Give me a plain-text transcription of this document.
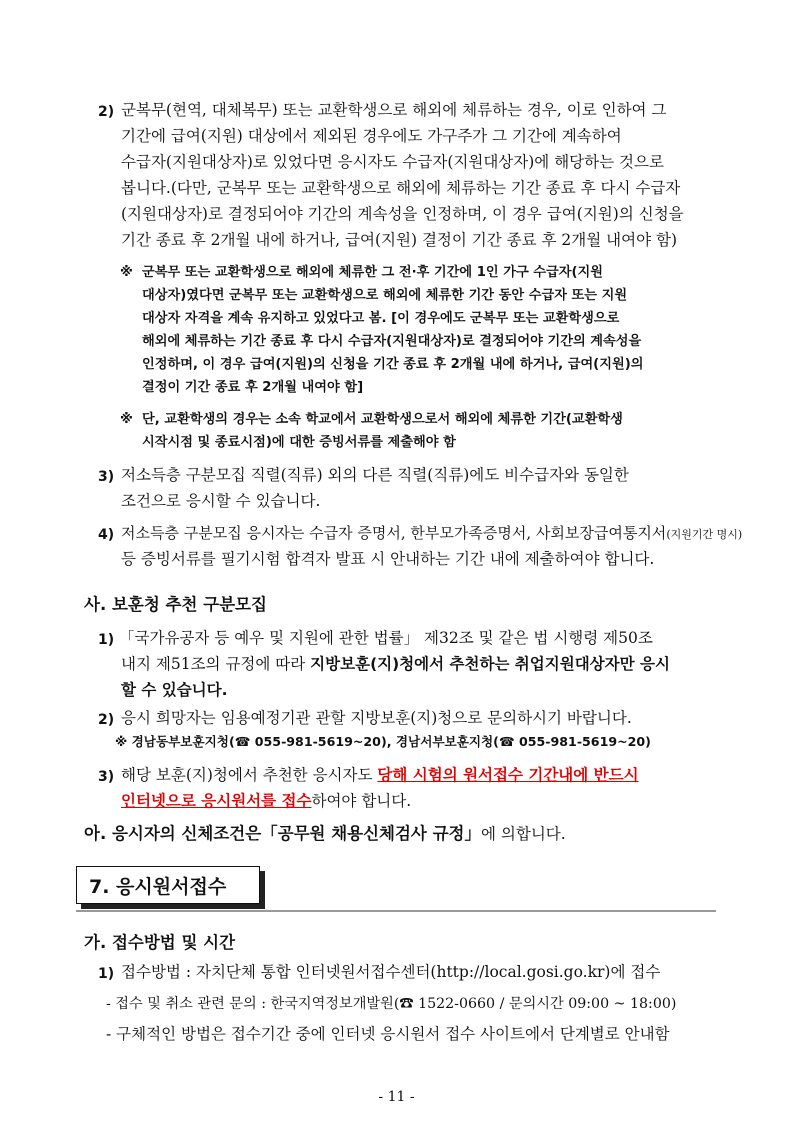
2) 군복무(현역, 대체복무) 또는 교환학생으로 해외에 체류하는 경우, 이로 인하여 그
기간에 급여(지원) 대상에서 제외된 경우에도 가구주가 그 기간에 계속하여
수급자(지원대상자)로 있었다면 응시자도 수급자(지원대상자)에 해당하는 것으로
봅니다.(다만, 군복무 또는 교환학생으로 해외에 체류하는 기간 종료 후 다시 수급자
(지원대상자)로 결정되어야 기간의 계속성을 인정하며, 이 경우 급여(지원)의 신청을
기간 종료 후 2개월 내에 하거나, 급여(지원) 결정이 기간 종료 후 2개월 내여야 함)
※ 군복무 또는 교환학생으로 해외에 체류한 그 전·후 기간에 1인 가구 수급자(지원
대상자)였다면 군복무 또는 교환학생으로 해외에 체류한 기간 동안 수급자 또는 지원
대상자 자격을 계속 유지하고 있었다고 봄. [이 경우에도 군복무 또는 교환학생으로
해외에 체류하는 기간 종료 후 다시 수급자(지원대상자)로 결정되어야 기간의 계속성을
인정하며, 이 경우 급여(지원)의 신청을 기간 종료 후 2개월 내에 하거나, 급여(지원)의
결정이 기간 종료 후 2개월 내여야 함]
※ 단, 교환학생의 경우는 소속 학교에서 교환학생으로서 해외에 체류한 기간(교환학생
시작시점 및 종료시점)에 대한 증빙서류를 제출해야 함
3) 저소득층 구분모집 직렬(직류) 외의 다른 직렬(직류)에도 비수급자와 동일한
조건으로 응시할 수 있습니다.
4) 저소득층 구분모집 응시자는 수급자 증명서, 한부모가족증명서, 사회보장급여통지서(지원기간 명시)
등 증빙서류를 필기시험 합격자 발표 시 안내하는 기간 내에 제출하여야 합니다.
사. 보훈청 추천 구분모집
1) 「국가유공자 등 예우 및 지원에 관한 법률」 제32조 및 같은 법 시행령 제50조
내지 제51조의 규정에 따라 지방보훈(지)청에서 추천하는 취업지원대상자만 응시
할 수 있습니다.
2) 응시 희망자는 임용예정기관 관할 지방보훈(지)청으로 문의하시기 바랍니다.
※ 경남동부보훈지청(☎ 055-981-5619~20), 경남서부보훈지청(☎ 055-981-5619~20)
3) 해당 보훈(지)청에서 추천한 응시자도 당해 시험의 원서접수 기간내에 반드시
인터넷으로 응시원서를 접수하여야 합니다.
아. 응시자의 신체조건은「공무원 채용신체검사 규정」에 의합니다.
7. 응시원서접수
가. 접수방법 및 시간
1) 접수방법 : 자치단체 통합 인터넷원서접수센터(http://local.gosi.go.kr)에 접수
- 접수 및 취소 관련 문의 : 한국지역정보개발원(☎ 1522-0660 / 문의시간 09:00 ~ 18:00)
- 구체적인 방법은 접수기간 중에 인터넷 응시원서 접수 사이트에서 단계별로 안내함
- 11 -
